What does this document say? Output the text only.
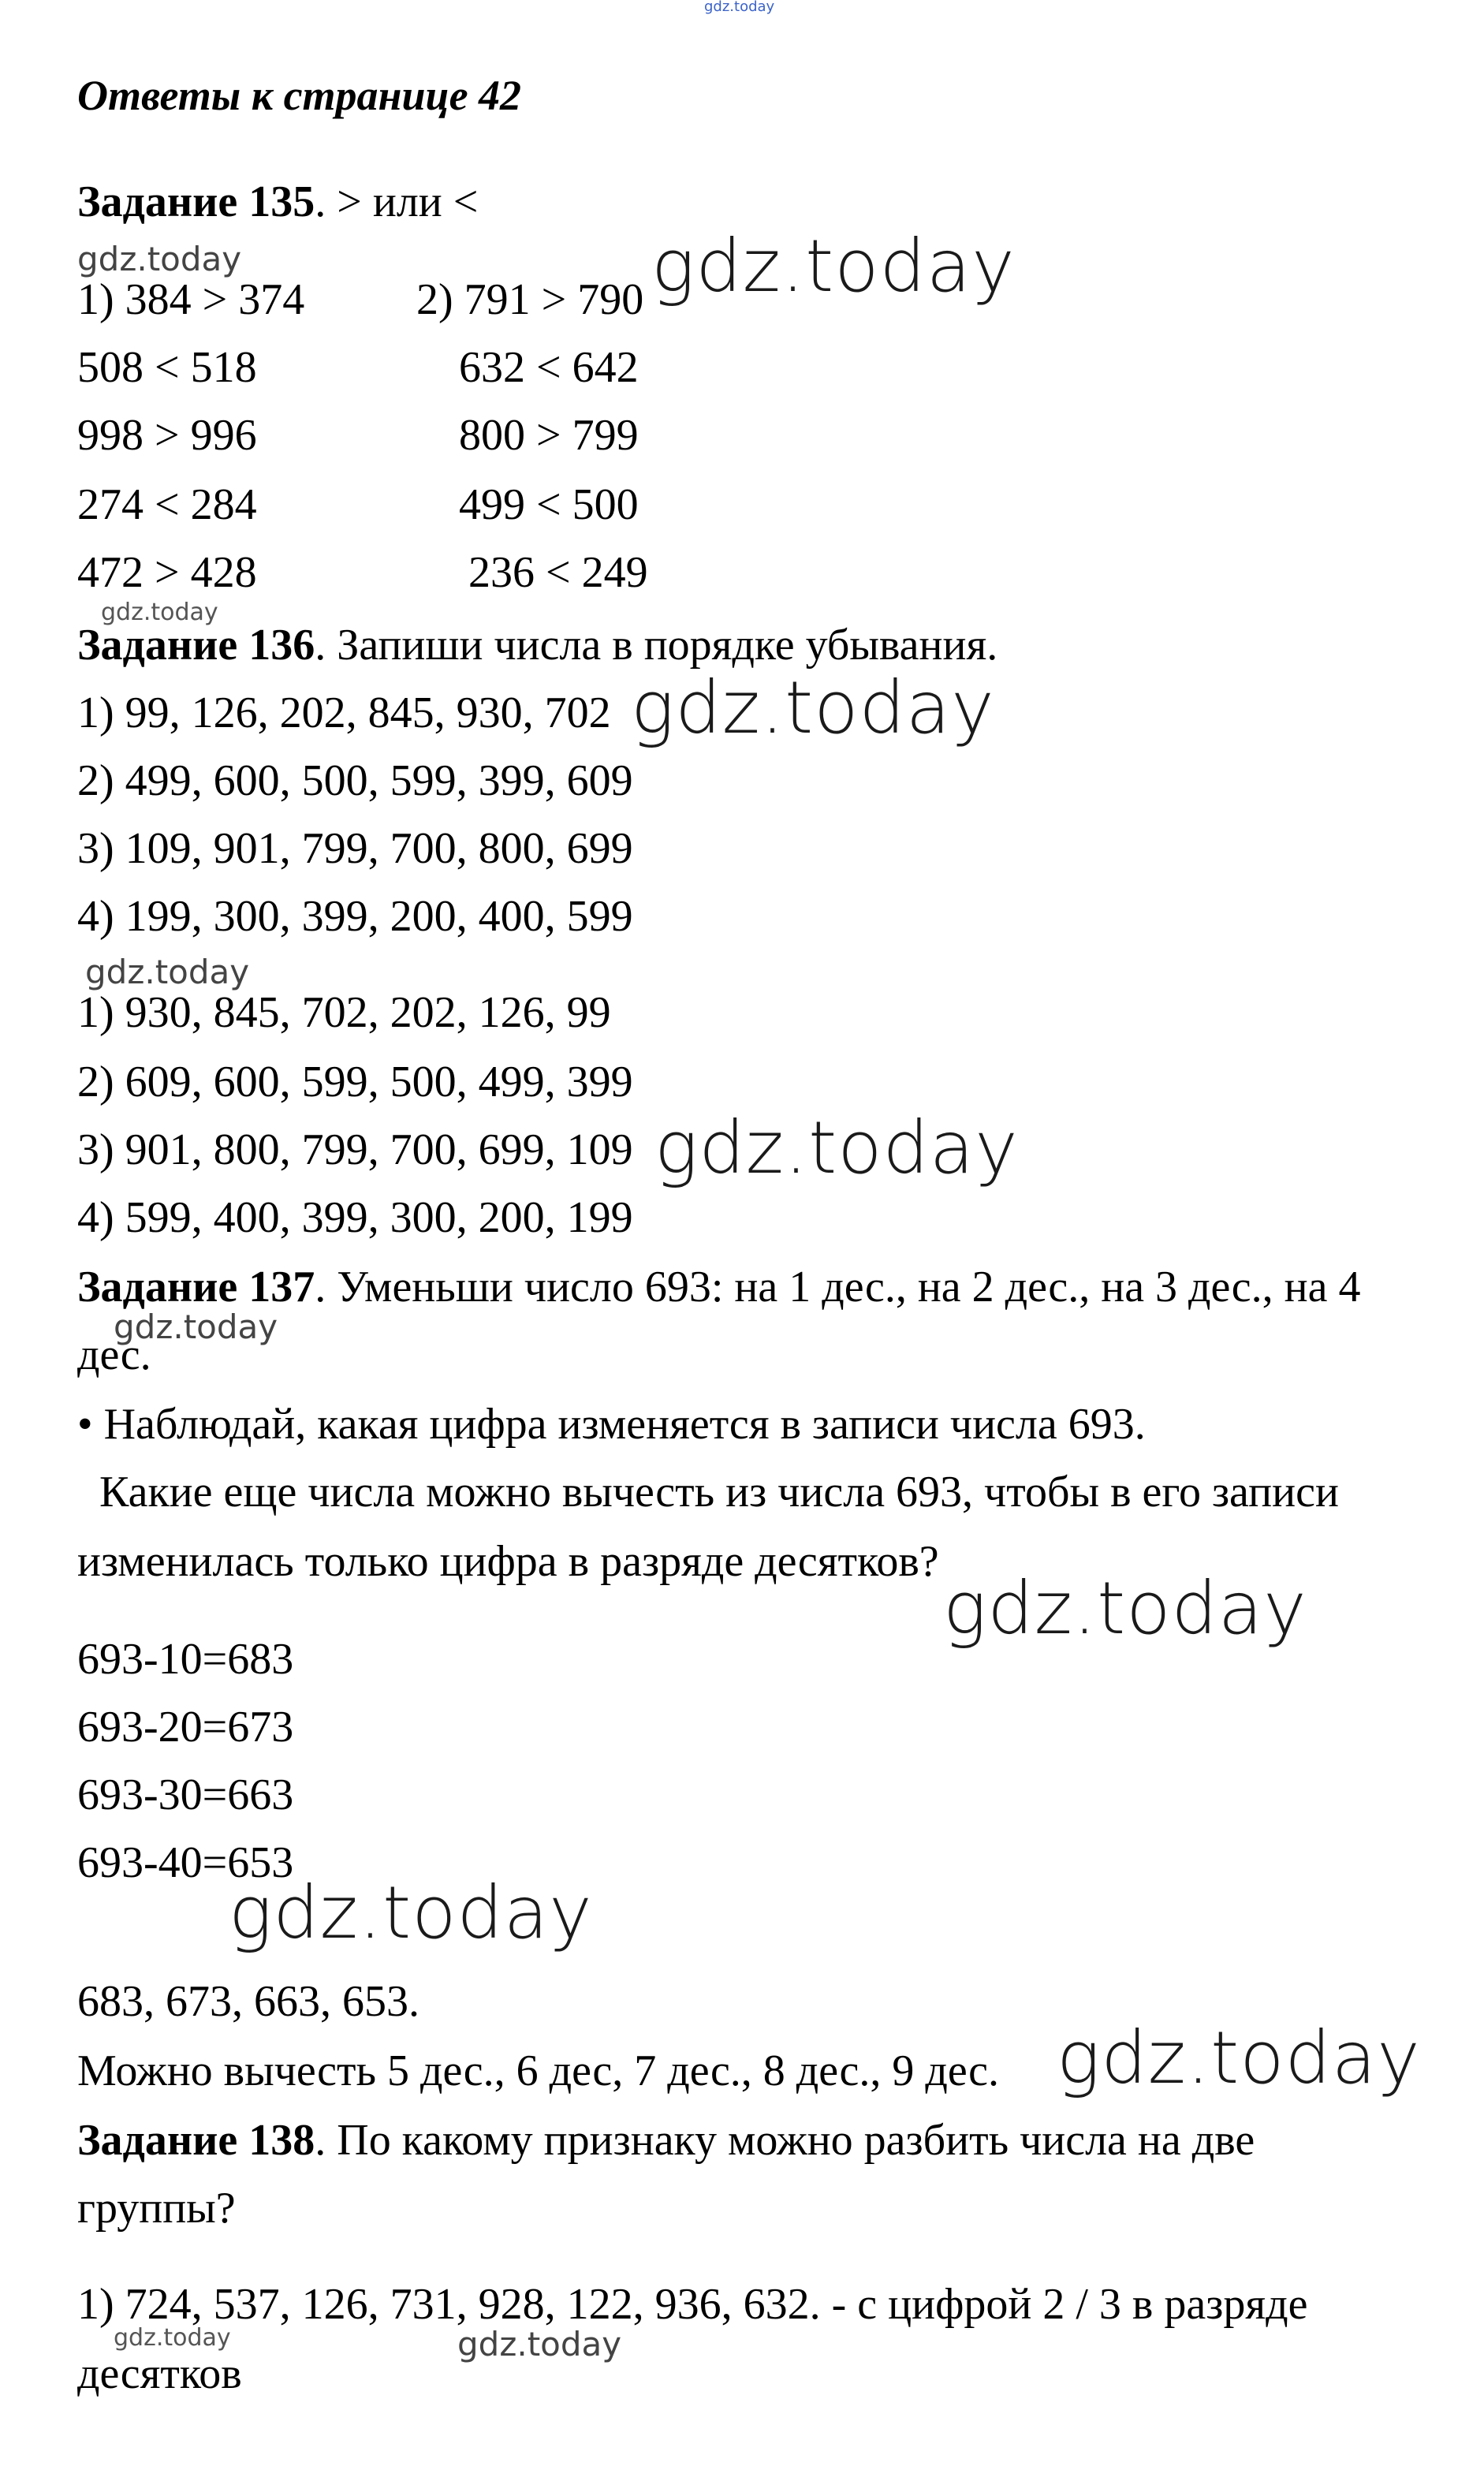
gdz.today
Ответы к странице 42
Задание 135. > или <
gdz.today
1) 384 > 374	2) 791 > 790 gdz.today
508 < 518	632 < 642
998 > 996	800 > 799
274 < 284	499 < 500
472 > 428	236 < 249
gdz.today
Задание 136. Запиши числа в порядке убывания.
1) 99, 126, 202, 845, 930, 702 gdz.today
2) 499, 600, 500, 599, 399, 609
3) 109, 901, 799, 700, 800, 699
4) 199, 300, 399, 200, 400, 599
gdz.today
1) 930, 845, 702, 202, 126, 99
2) 609, 600, 599, 500, 499, 399
3) 901, 800, 799, 700, 699, 109 gdz.today
4) 599, 400, 399, 300, 200, 199
Задание 137. Уменьши число 693: на 1 дес., на 2 дес., на 3 дес., на 4
gdz.today
дес.
• Наблюдай, какая цифра изменяется в записи числа 693.
Какие еще числа можно вычесть из числа 693, чтобы в его записи
изменилась только цифра в разряде десятков?
gdz.today
693-10=683
693-20=673
693-30=663
693-40=653
gdz.today
683, 673, 663, 653.
Можно вычесть 5 дес., 6 дес, 7 дес., 8 дес., 9 дес. gdz.today
Задание 138. По какому признаку можно разбить числа на две
группы?
1) 724, 537, 126, 731, 928, 122, 936, 632. - с цифрой 2 / 3 в разряде
gdz.today	gdz.today
десятков
